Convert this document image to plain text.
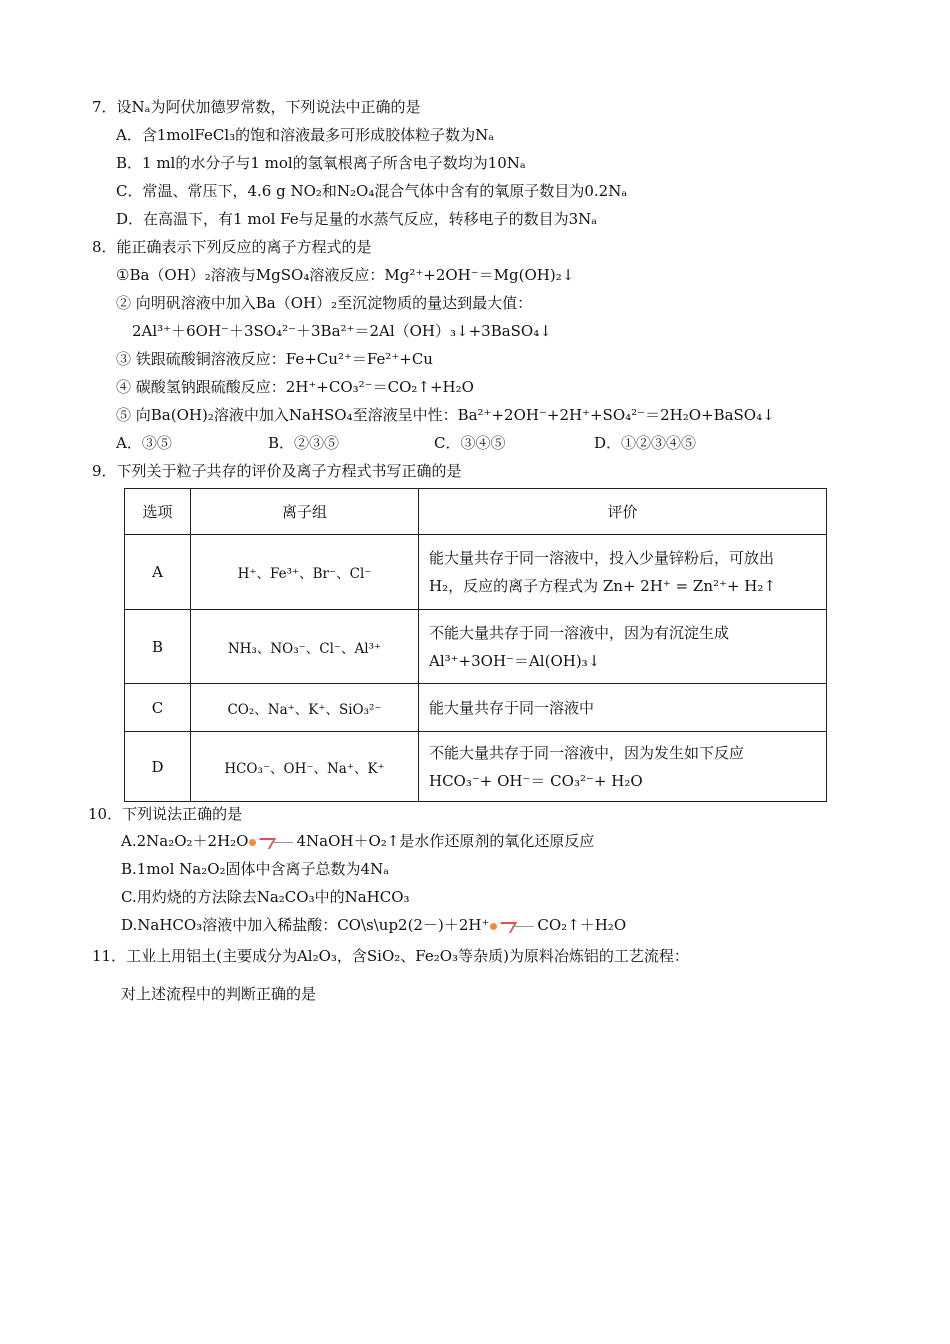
7．设Nₐ为阿伏加德罗常数，下列说法中正确的是
A．含1molFeCl₃的饱和溶液最多可形成胶体粒子数为Nₐ
B．1 ml的水分子与1 mol的氢氧根离子所含电子数均为10Nₐ
C．常温、常压下，4.6 g NO₂和N₂O₄混合气体中含有的氧原子数目为0.2Nₐ
D．在高温下，有1 mol Fe与足量的水蒸气反应，转移电子的数目为3Nₐ
8．能正确表示下列反应的离子方程式的是
①Ba（OH）₂溶液与MgSO₄溶液反应：Mg²⁺+2OH⁻＝Mg(OH)₂↓
② 向明矾溶液中加入Ba（OH）₂至沉淀物质的量达到最大值：
2Al³⁺＋6OH⁻＋3SO₄²⁻＋3Ba²⁺＝2Al（OH）₃↓+3BaSO₄↓
③ 铁跟硫酸铜溶液反应：Fe+Cu²⁺＝Fe²⁺+Cu
④ 碳酸氢钠跟硫酸反应：2H⁺+CO₃²⁻＝CO₂↑+H₂O
⑤ 向Ba(OH)₂溶液中加入NaHSO₄至溶液呈中性：Ba²⁺+2OH⁻+2H⁺+SO₄²⁻＝2H₂O+BaSO₄↓
A．③⑤	B．②③⑤	C．③④⑤	D．①②③④⑤
9．下列关于粒子共存的评价及离子方程式书写正确的是
选项	离子组	评价
A	H⁺、Fe³⁺、Br⁻、Cl⁻	能大量共存于同一溶液中，投入少量锌粉后，可放出
H₂，反应的离子方程式为 Zn+ 2H⁺ = Zn²⁺+ H₂↑

B	NH₃、NO₃⁻、Cl⁻、Al³⁺	不能大量共存于同一溶液中，因为有沉淀生成
Al³⁺+3OH⁻＝Al(OH)₃↓

C	CO₂、Na⁺、K⁺、SiO₃²⁻	能大量共存于同一溶液中

D	HCO₃⁻、OH⁻、Na⁺、K⁺	不能大量共存于同一溶液中，因为发生如下反应
HCO₃⁻+ OH⁻＝ CO₃²⁻+ H₂O
10．下列说法正确的是
A.2Na₂O₂＋2H₂O	4NaOH＋O₂↑是水作还原剂的氧化还原反应
B.1mol Na₂O₂固体中含离子总数为4Nₐ
C.用灼烧的方法除去Na₂CO₃中的NaHCO₃
D.NaHCO₃溶液中加入稀盐酸：CO\s\up2(2－)＋2H⁺	CO₂↑＋H₂O
11．工业上用铝土(主要成分为Al₂O₃，含SiO₂、Fe₂O₃等杂质)为原料冶炼铝的工艺流程：
对上述流程中的判断正确的是
